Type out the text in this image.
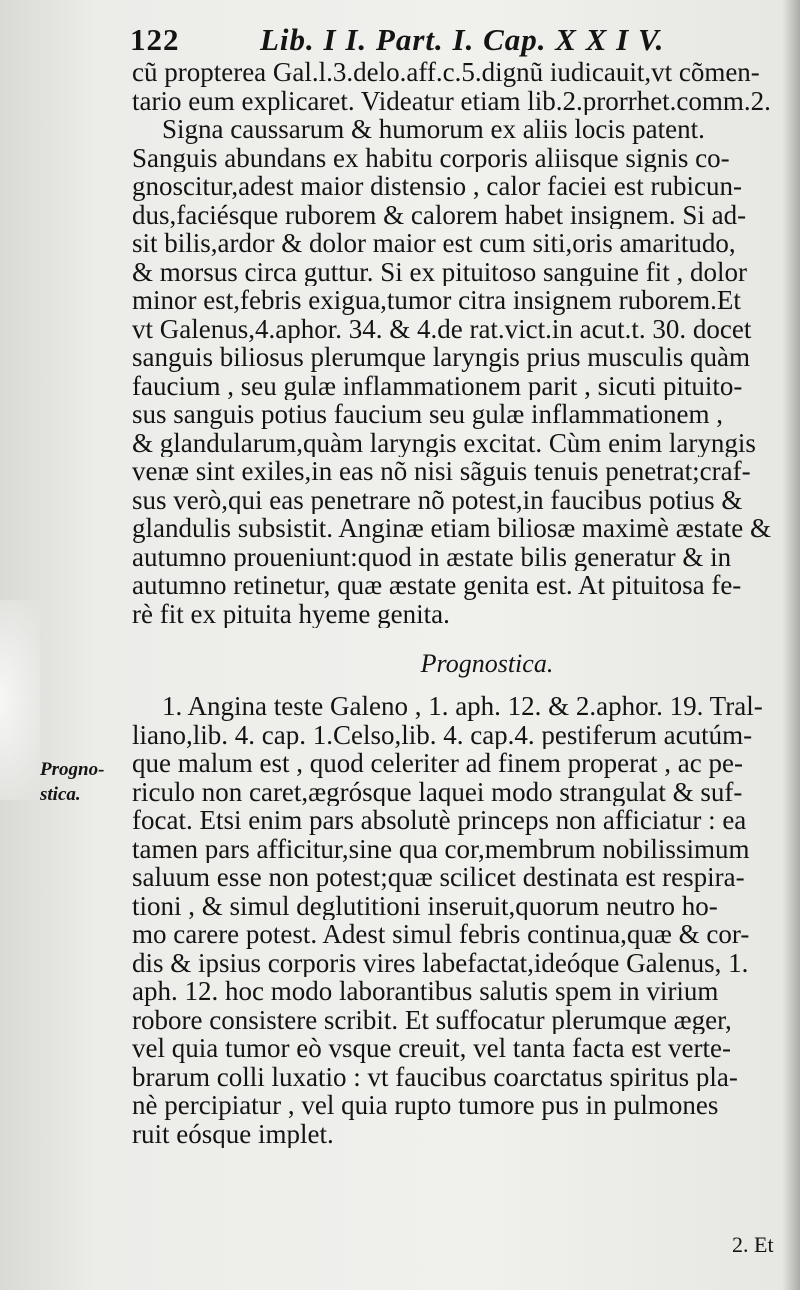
122	Lib. I I. Part. I. Cap. X X I V.
cũ propterea Gal.l.3.delo.aff.c.5.dignũ iudicauit,vt cõmen-
tario eum explicaret. Videatur etiam lib.2.prorrhet.comm.2.
Signa caussarum & humorum ex aliis locis patent.
Sanguis abundans ex habitu corporis aliisque signis co-
gnoscitur,adest maior distensio , calor faciei est rubicun-
dus,faciésque ruborem & calorem habet insignem. Si ad-
sit bilis,ardor & dolor maior est cum siti,oris amaritudo,
& morsus circa guttur. Si ex pituitoso sanguine fit , dolor
minor est,febris exigua,tumor citra insignem ruborem.Et
vt Galenus,4.aphor. 34. & 4.de rat.vict.in acut.t. 30. docet
sanguis biliosus plerumque laryngis prius musculis quàm
faucium , seu gulæ inflammationem parit , sicuti pituito-
sus sanguis potius faucium seu gulæ inflammationem ,
& glandularum,quàm laryngis excitat. Cùm enim laryngis
venæ sint exiles,in eas nõ nisi sãguis tenuis penetrat;craf-
sus verò,qui eas penetrare nõ potest,in faucibus potius &
glandulis subsistit. Anginæ etiam biliosæ maximè æstate &
autumno proueniunt:quod in æstate bilis generatur & in
autumno retinetur, quæ æstate genita est. At pituitosa fe-
rè fit ex pituita hyeme genita.
Prognostica.
1. Angina teste Galeno , 1. aph. 12. & 2.aphor. 19. Tral-
liano,lib. 4. cap. 1.Celso,lib. 4. cap.4. pestiferum acutúm-
que malum est , quod celeriter ad finem properat , ac pe-
riculo non caret,ægrósque laquei modo strangulat & suf-
focat. Etsi enim pars absolutè princeps non afficiatur : ea
tamen pars afficitur,sine qua cor,membrum nobilissimum
saluum esse non potest;quæ scilicet destinata est respira-
tioni , & simul deglutitioni inseruit,quorum neutro ho-
mo carere potest. Adest simul febris continua,quæ & cor-
dis & ipsius corporis vires labefactat,ideóque Galenus, 1.
aph. 12. hoc modo laborantibus salutis spem in virium
robore consistere scribit. Et suffocatur plerumque æger,
vel quia tumor eò vsque creuit, vel tanta facta est verte-
brarum colli luxatio : vt faucibus coarctatus spiritus pla-
nè percipiatur , vel quia rupto tumore pus in pulmones
ruit eósque implet.
Progno-
stica.
2. Et
